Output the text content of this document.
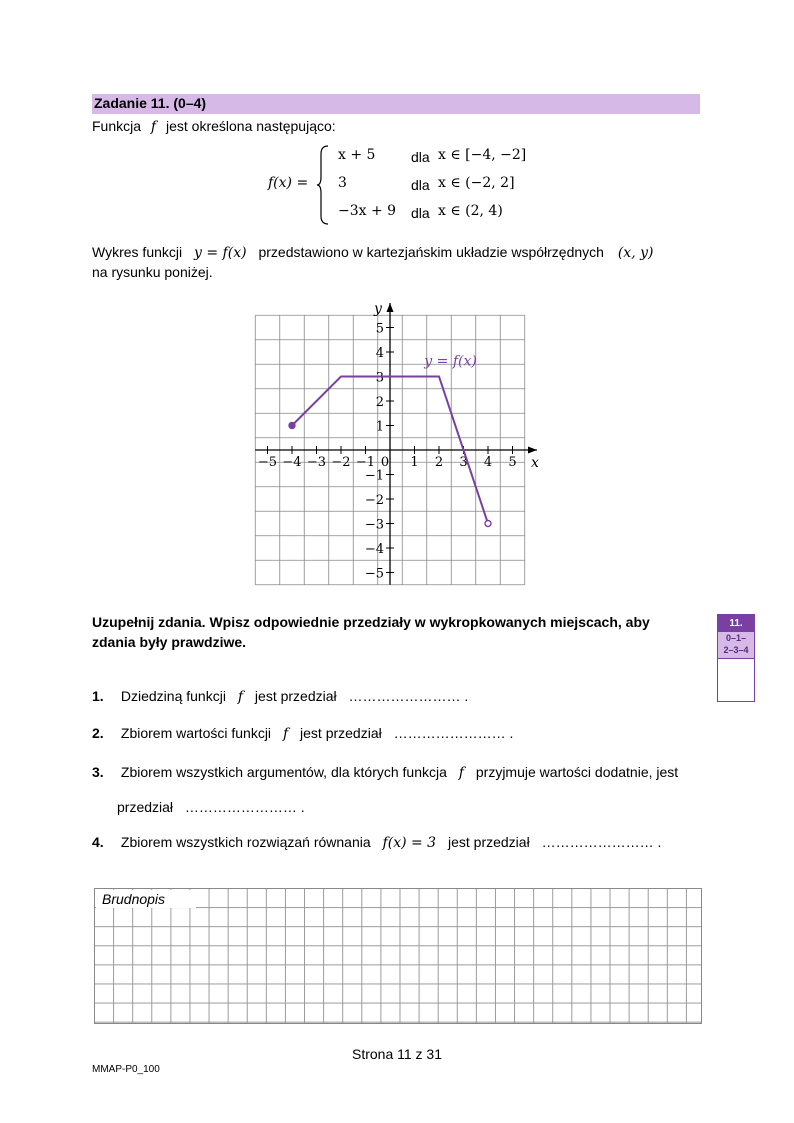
Zadanie 11. (0–4)
Funkcja f jest określona następująco:
f(x) =
x + 5	dla x ∈ [−4, −2]
3	dla x ∈ (−2, 2]
−3x + 9 dla x ∈ (2, 4)
Wykres funkcji y = f(x) przedstawiono w kartezjańskim układzie współrzędnych (x, y)
na rysunku poniżej.
−5 −4 −3 −2 −1 0 1 2 3 4 5
5
4
3
2
1
−1
−2
−3
−4
−5
x
y
y = f(x)
Uzupełnij zdania. Wpisz odpowiednie przedziały w wykropkowanych miejscach, aby
zdania były prawdziwe.
11.
0–1–
2–3–4
1. Dziedziną funkcji f jest przedział …………………… .
2. Zbiorem wartości funkcji f jest przedział …………………… .
3. Zbiorem wszystkich argumentów, dla których funkcja f przyjmuje wartości dodatnie, jest
przedział …………………… .
4. Zbiorem wszystkich rozwiązań równania f(x) = 3 jest przedział …………………… .
Brudnopis
Strona 11 z 31
MMAP-P0_100
